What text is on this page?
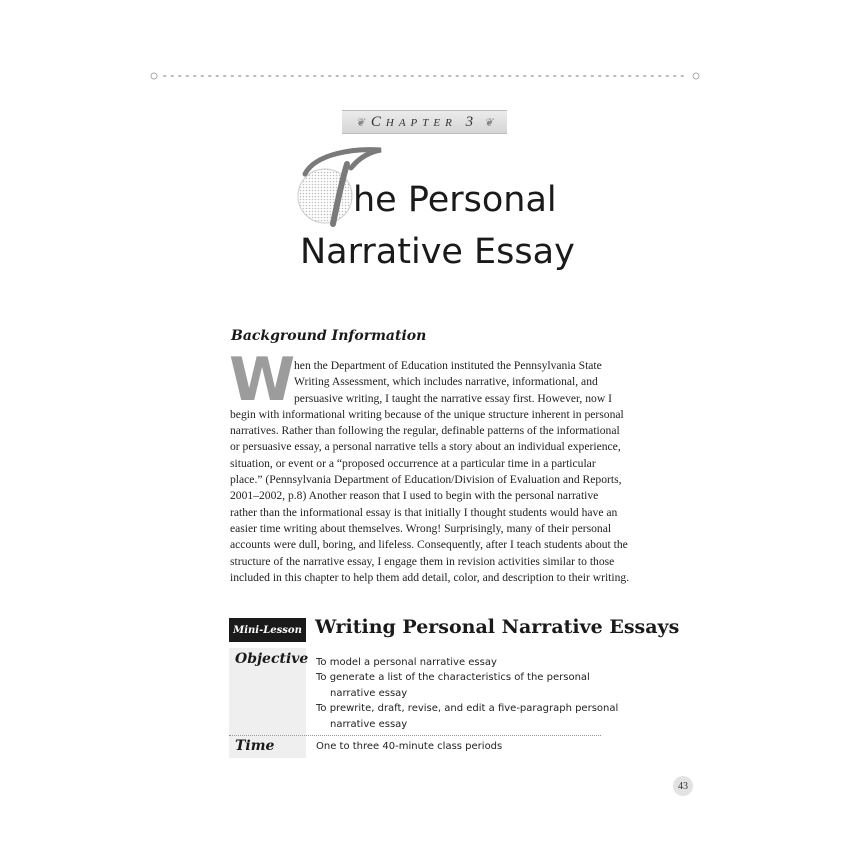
❦ Chapter 3 ❦
he Personal
Narrative Essay
Background Information
W
hen the Department of Education instituted the Pennsylvania State
Writing Assessment, which includes narrative, informational, and
persuasive writing, I taught the narrative essay first. However, now I
begin with informational writing because of the unique structure inherent in personal
narratives. Rather than following the regular, definable patterns of the informational
or persuasive essay, a personal narrative tells a story about an individual experience,
situation, or event or a “proposed occurrence at a particular time in a particular
place.” (Pennsylvania Department of Education/Division of Evaluation and Reports,
2001–2002, p.8) Another reason that I used to begin with the personal narrative
rather than the informational essay is that initially I thought students would have an
easier time writing about themselves. Wrong! Surprisingly, many of their personal
accounts were dull, boring, and lifeless. Consequently, after I teach students about the
structure of the narrative essay, I engage them in revision activities similar to those
included in this chapter to help them add detail, color, and description to their writing.
Mini-Lesson Writing Personal Narrative Essays
Objective To model a personal narrative essay
To generate a list of the characteristics of the personal
narrative essay
To prewrite, draft, revise, and edit a five-paragraph personal
narrative essay
Time	One to three 40-minute class periods
43
